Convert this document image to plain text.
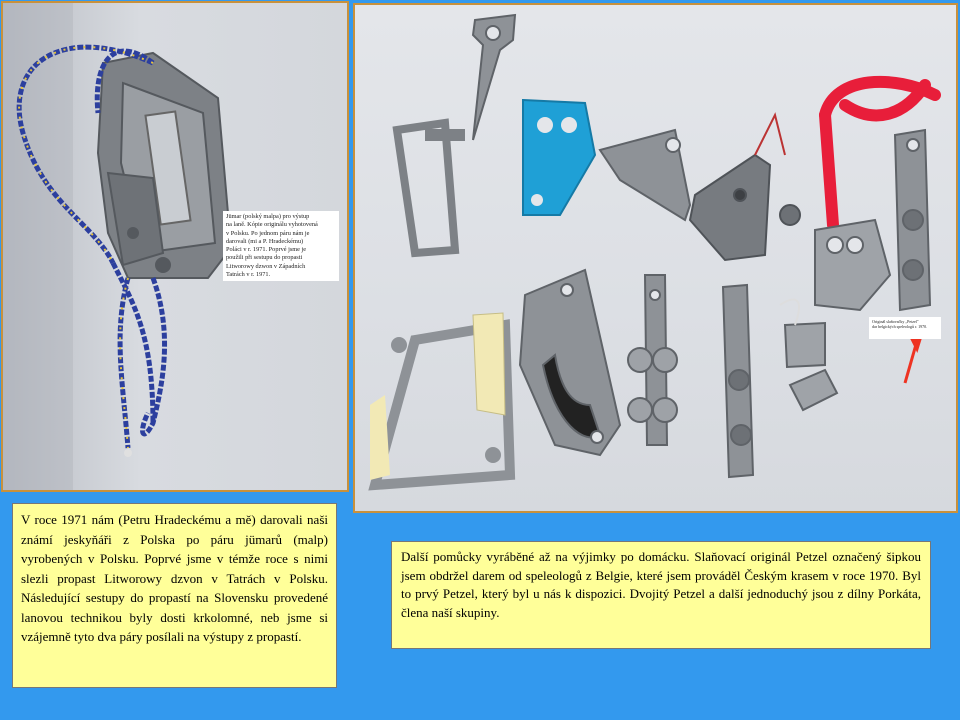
Jümar (polský malpa) pro výstup
na laně. Kópie originálu vyhotovená
v Polsku. Po jednom páru nám je
darovali (mi a P. Hradeckému)
Poláci v r. 1971. Poprvé jsme je
použili při sestupu do propasti
Litworowy dzwon v Západních
Tatrách v r. 1971.
Originál slaňovačky „Petzel"
dar belgických speleologů r. 1970.
V roce 1971 nám (Petru Hradeckému a mě) darovali naši známí jeskyňáři z Polska po páru jümarů (malp) vyrobených v Polsku. Poprvé jsme v témže roce s nimi slezli propast Litworowy dzvon v Tatrách v Polsku. Následující sestupy do propastí na Slovensku provedené lanovou technikou byly dosti krkolomné, neb jsme si vzájemně tyto dva páry posílali na výstupy z propastí.
Další pomůcky vyráběné až na výjimky po domácku. Slaňovací originál Petzel označený šipkou jsem obdržel darem od speleologů z Belgie, které jsem prováděl Českým krasem v roce 1970. Byl to prvý Petzel, který byl u nás k dispozici. Dvojitý Petzel a další jednoduchý jsou z dílny Porkáta, člena naší skupiny.
